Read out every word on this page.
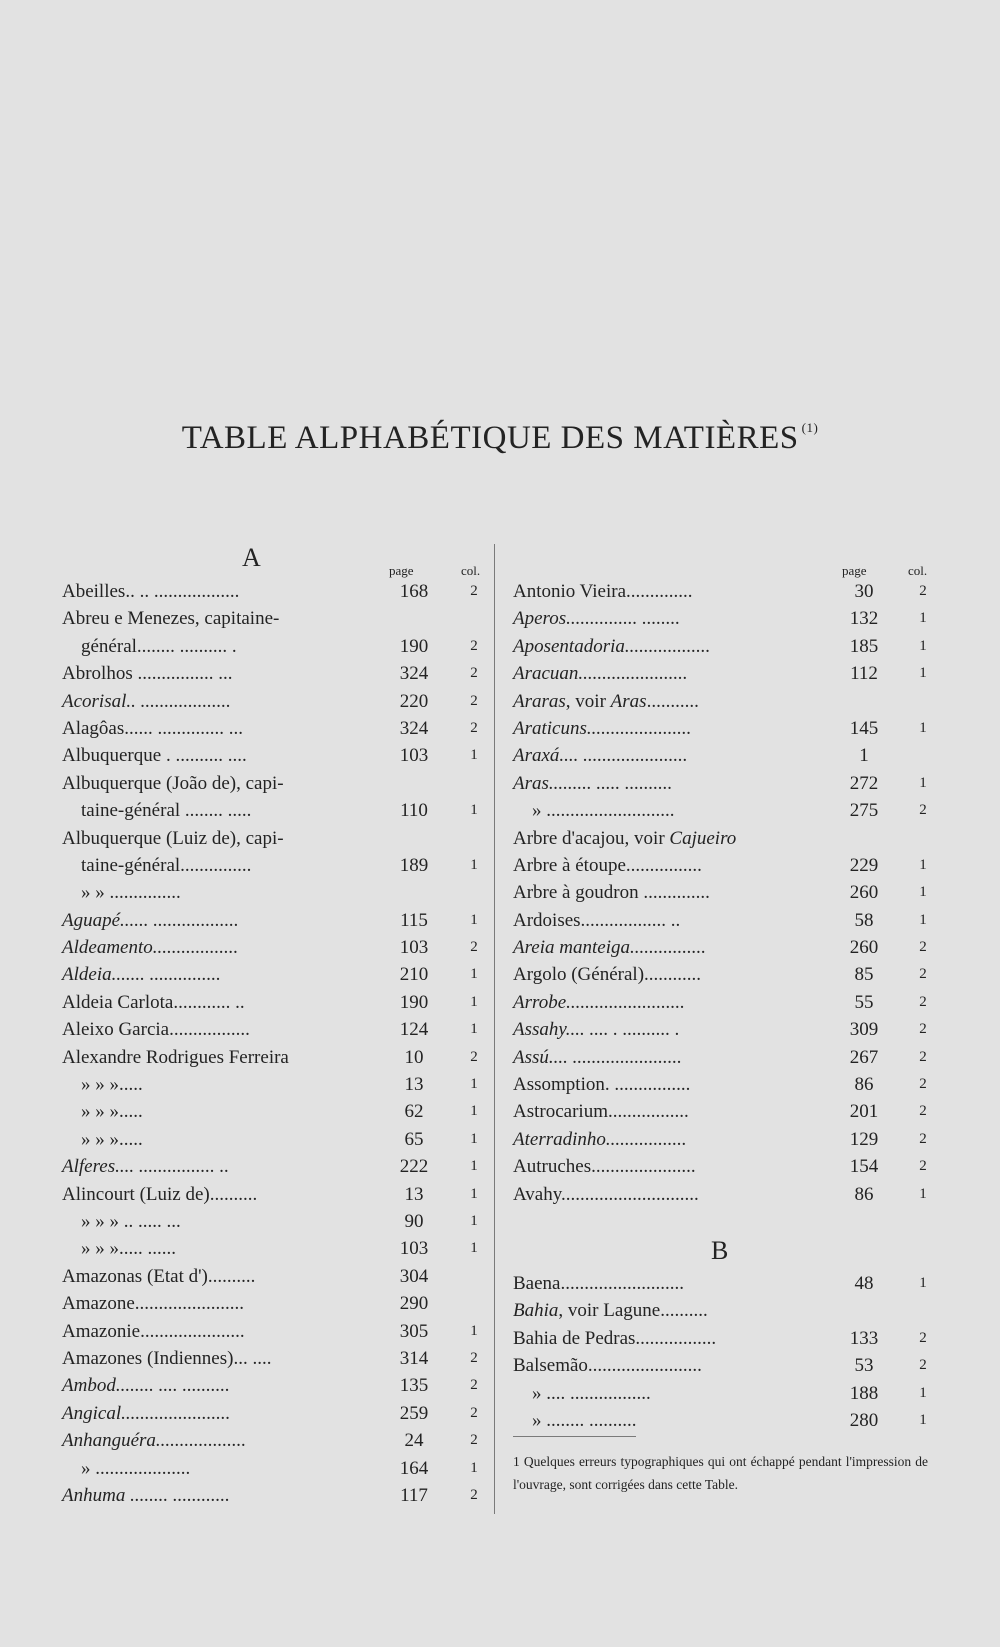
TABLE ALPHABÉTIQUE DES MATIÈRES $^{(1)}$
A	page	col.
Abeilles.. .. ..................	168	2
Abreu e Menezes, capitaine-
général........ .......... .	190	2
Abrolhos ................ ...	324	2
Acorisal.. ...................	220	2
Alagôas...... .............. ...	324	2
Albuquerque . .......... ....	103	1
Albuquerque (João de), capi-
taine-général ........ .....	110	1
Albuquerque (Luiz de), capi-
taine-général...............	189	1
» » ...............
Aguapé...... ..................	115	1
Aldeamento..................	103	2
Aldeia....... ...............	210	1
Aldeia Carlota............ ..	190	1
Aleixo Garcia.................	124	1
Alexandre Rodrigues Ferreira	10	2
» » ».....	13	1
» » ».....	62	1
» » ».....	65	1
Alferes.... ................ ..	222	1
Alincourt (Luiz de)..........	13	1
» » » .. ..... ...	90	1
» » »..... ......	103	1
Amazonas (Etat d')..........	304
Amazone.......................	290
Amazonie......................	305	1
Amazones (Indiennes)... ....	314	2
Ambod........ .... ..........	135	2
Angical.......................	259	2
Anhanguéra...................	24	2
» ....................	164	1
Anhuma ........ ............	117	2
page	col.
Antonio Vieira..............	30	2
Aperos............... ........	132	1
Aposentadoria..................	185	1
Aracuan.......................	112	1
Araras, voir Aras...........
Araticuns......................	145	1
Araxá.... ......................	1
Aras......... ..... ..........	272	1
» ...........................	275	2
Arbre d'acajou, voir Cajueiro
Arbre à étoupe................	229	1
Arbre à goudron ..............	260	1
Ardoises.................. ..	58	1
Areia manteiga................	260	2
Argolo (Général)............	85	2
Arrobe.........................	55	2
Assahy.... .... . .......... .	309	2
Assú.... .......................	267	2
Assomption. ................	86	2
Astrocarium.................	201	2
Aterradinho.................	129	2
Autruches......................	154	2
Avahy.............................	86	1
B
Baena..........................	48	1
Bahia, voir Lagune..........
Bahia de Pedras.................	133	2
Balsemão........................	53	2
» .... .................	188	1
» ........ ..........	280	1
1 Quelques erreurs typographiques qui ont échappé pendant l'impression de l'ouvrage, sont corrigées dans cette Table.
